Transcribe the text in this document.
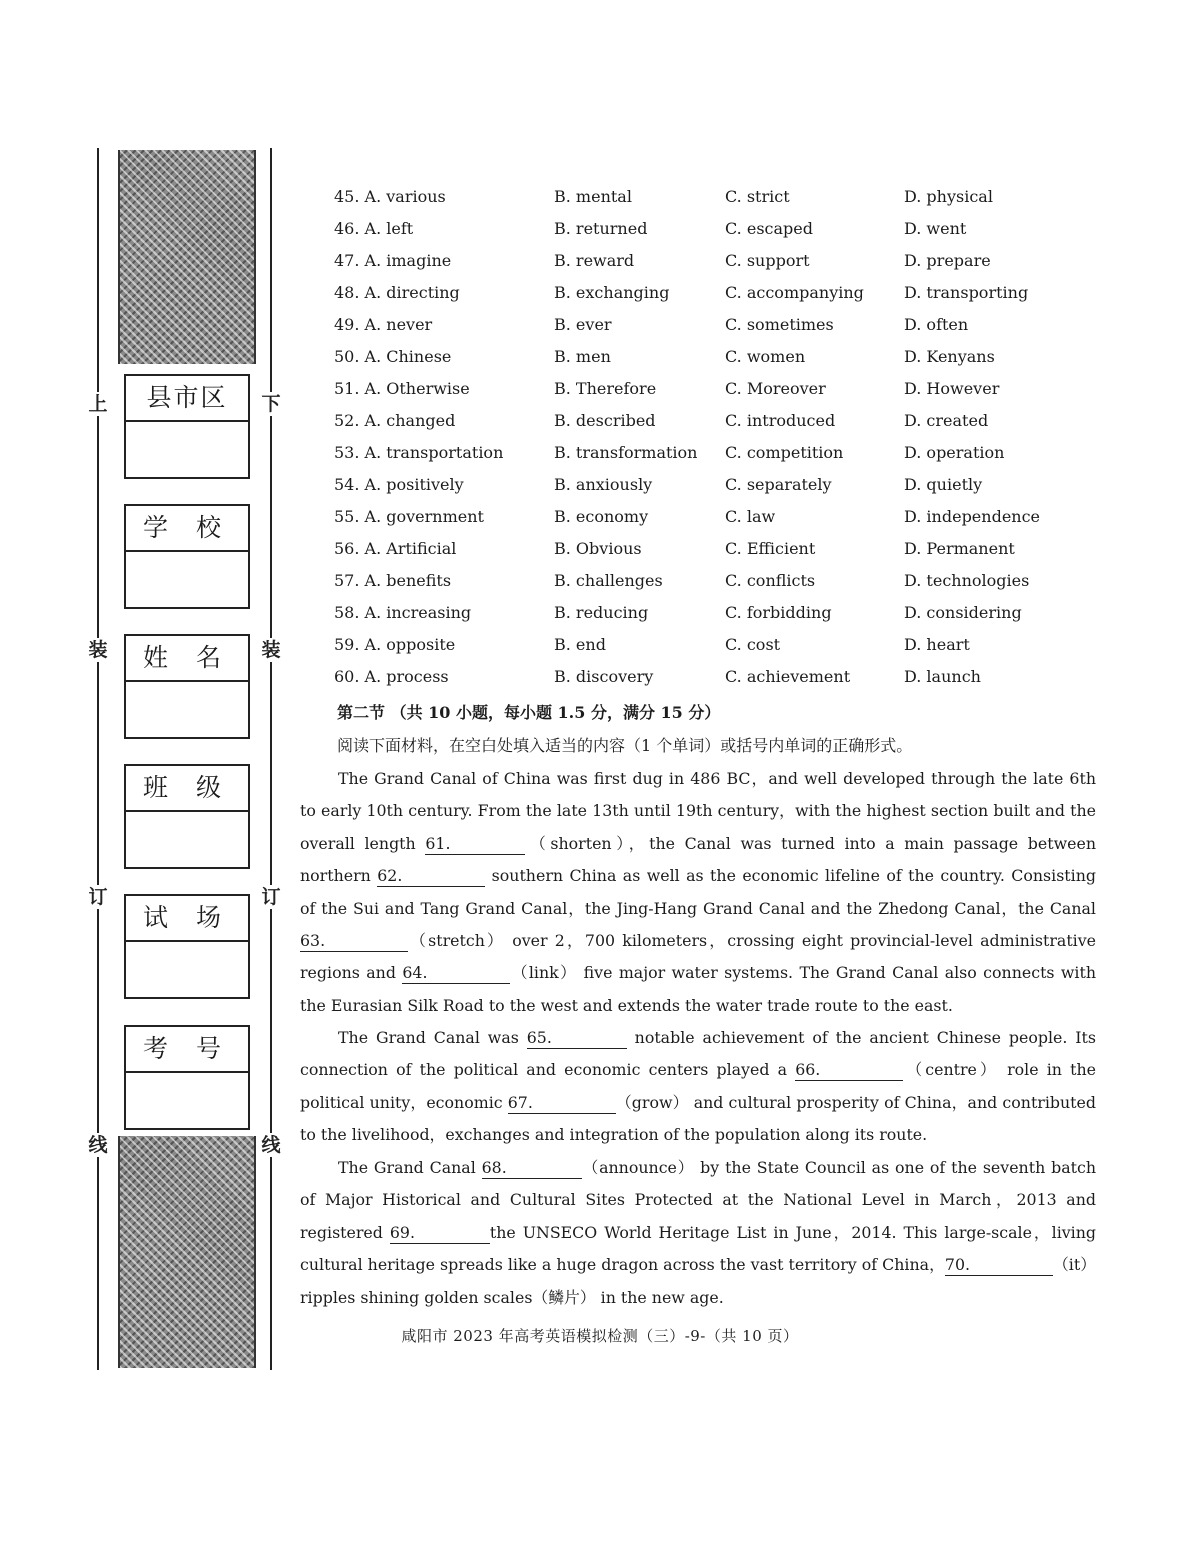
上
装
订
线
下
装
订
线
县市区
学 校
姓 名
班 级
试 场
考 号
45. A. various	B. mental	C. strict	D. physical
46. A. left	B. returned	C. escaped	D. went
47. A. imagine	B. reward	C. support	D. prepare
48. A. directing	B. exchanging	C. accompanying	D. transporting
49. A. never	B. ever	C. sometimes	D. often
50. A. Chinese	B. men	C. women	D. Kenyans
51. A. Otherwise	B. Therefore	C. Moreover	D. However
52. A. changed	B. described	C. introduced	D. created
53. A. transportation	B. transformation C. competition	D. operation
54. A. positively	B. anxiously	C. separately	D. quietly
55. A. government	B. economy	C. law	D. independence
56. A. Artificial	B. Obvious	C. Efficient	D. Permanent
57. A. benefits	B. challenges	C. conflicts	D. technologies
58. A. increasing	B. reducing	C. forbidding	D. considering
59. A. opposite	B. end	C. cost	D. heart
60. A. process	B. discovery	C. achievement	D. launch
第二节 （共 10 小题，每小题 1.5 分，满分 15 分）
阅读下面材料，在空白处填入适当的内容（1 个单词）或括号内单词的正确形式。

The Grand Canal of China was first dug in 486 BC，and well developed through the late 6th to early 10th century. From the late 13th until 19th century，with the highest section built and the overall length 61.	（shorten），the Canal was turned into a main passage between northern 62.	southern China as well as the economic lifeline of the country. Consisting of the Sui and Tang Grand Canal，the Jing-Hang Grand Canal and the Zhedong Canal，the Canal 63.	（stretch） over 2，700 kilometers，crossing eight provincial-level administrative regions and 64.	（link） five major water systems. The Grand Canal also connects with the Eurasian Silk Road to the west and extends the water trade route to the east.

The Grand Canal was 65.	notable achievement of the ancient Chinese people. Its connection of the political and economic centers played a 66.	（centre） role in the political unity，economic 67.	（grow） and cultural prosperity of China，and contributed to the livelihood，exchanges and integration of the population along its route.

The Grand Canal 68.	（announce） by the State Council as one of the seventh batch of Major Historical and Cultural Sites Protected at the National Level in March，2013 and registered 69.	the UNSECO World Heritage List in June，2014. This large-scale，living cultural heritage spreads like a huge dragon across the vast territory of China，70.	（it） ripples shining golden scales（鳞片） in the new age.

咸阳市 2023 年高考英语模拟检测（三）-9-（共 10 页）
